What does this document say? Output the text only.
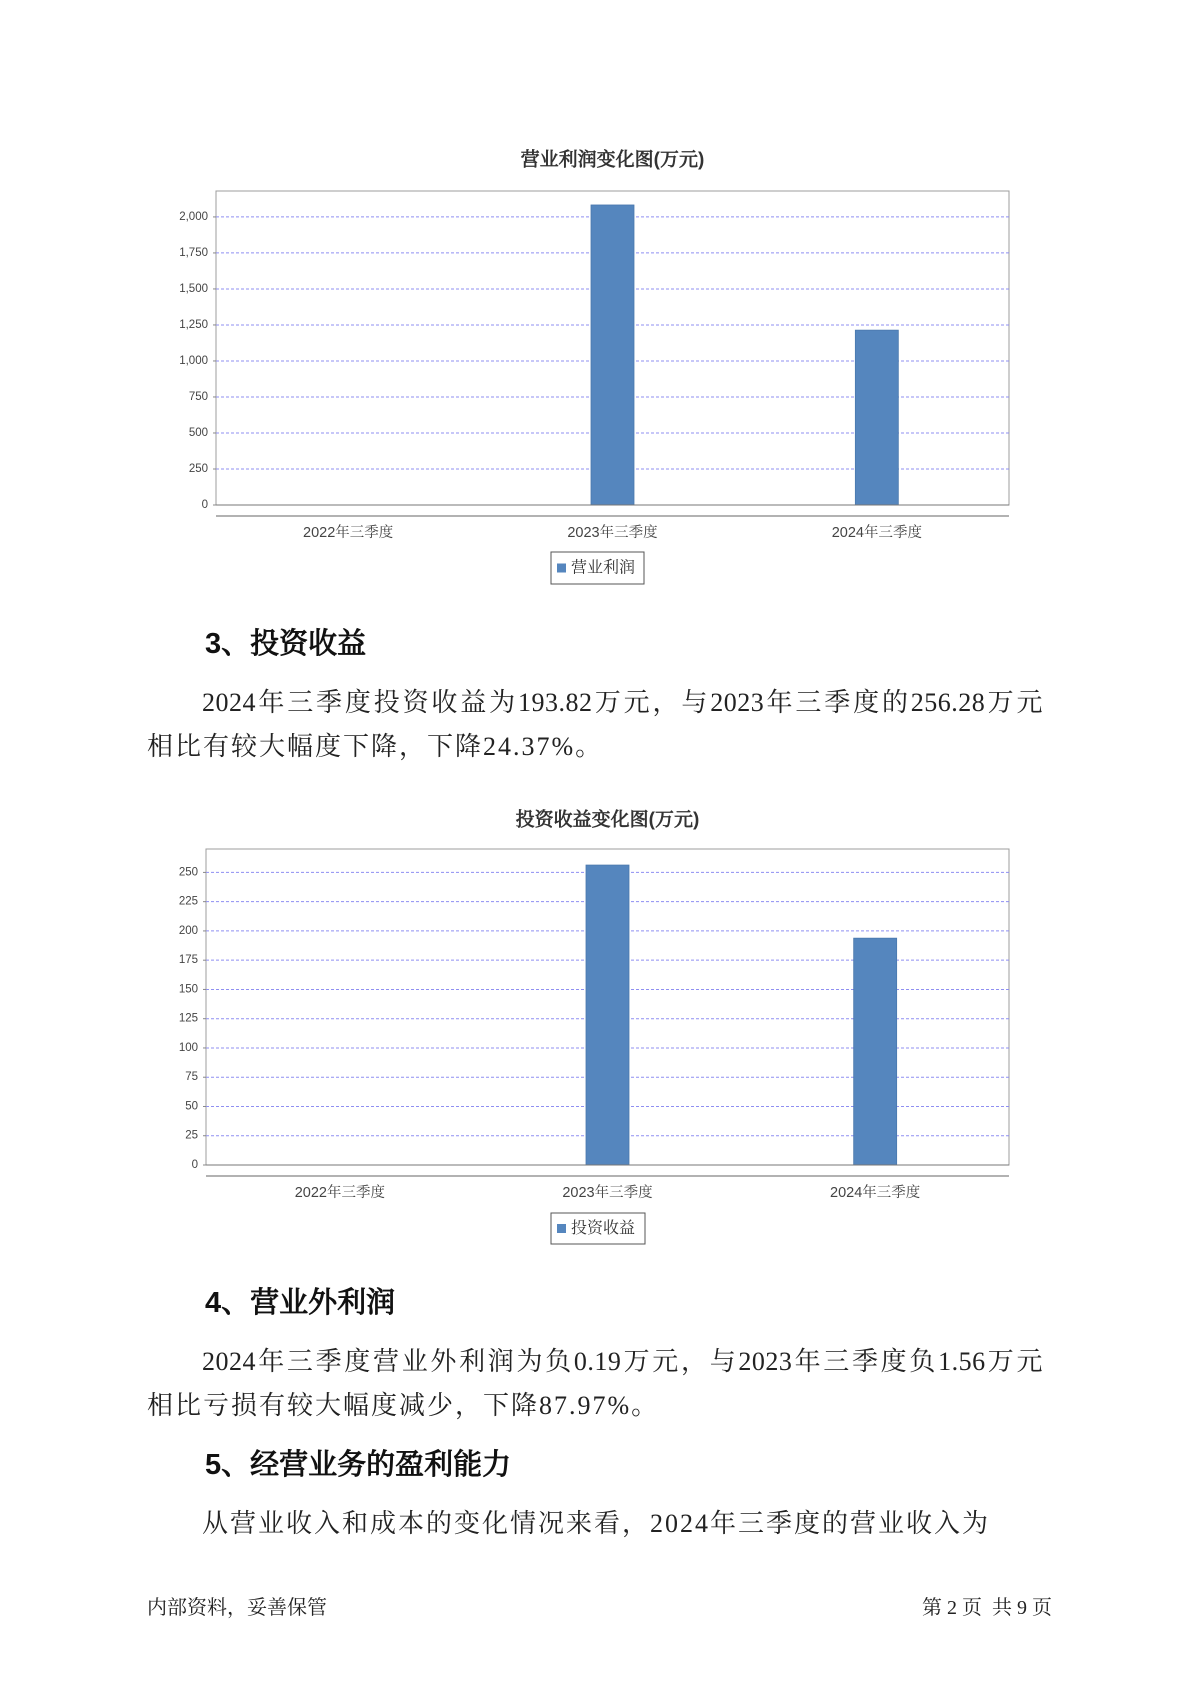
营业利润变化图(万元)
0
250
500
750
1,000
1,250
1,500
1,750
2,000
2022年三季度	2023年三季度	2024年三季度
营业利润
3、投资收益
2024年三季度投资收益为193.82万元，与2023年三季度的256.28万元
相比有较大幅度下降，下降24.37%。
投资收益变化图(万元)
0
25
50
75
100
125
150
175
200
225
250
2022年三季度	2023年三季度	2024年三季度
投资收益
4、营业外利润
2024年三季度营业外利润为负0.19万元，与2023年三季度负1.56万元
相比亏损有较大幅度减少，下降87.97%。
5、经营业务的盈利能力
从营业收入和成本的变化情况来看，2024年三季度的营业收入为
内部资料，妥善保管	第 2 页  共 9 页
